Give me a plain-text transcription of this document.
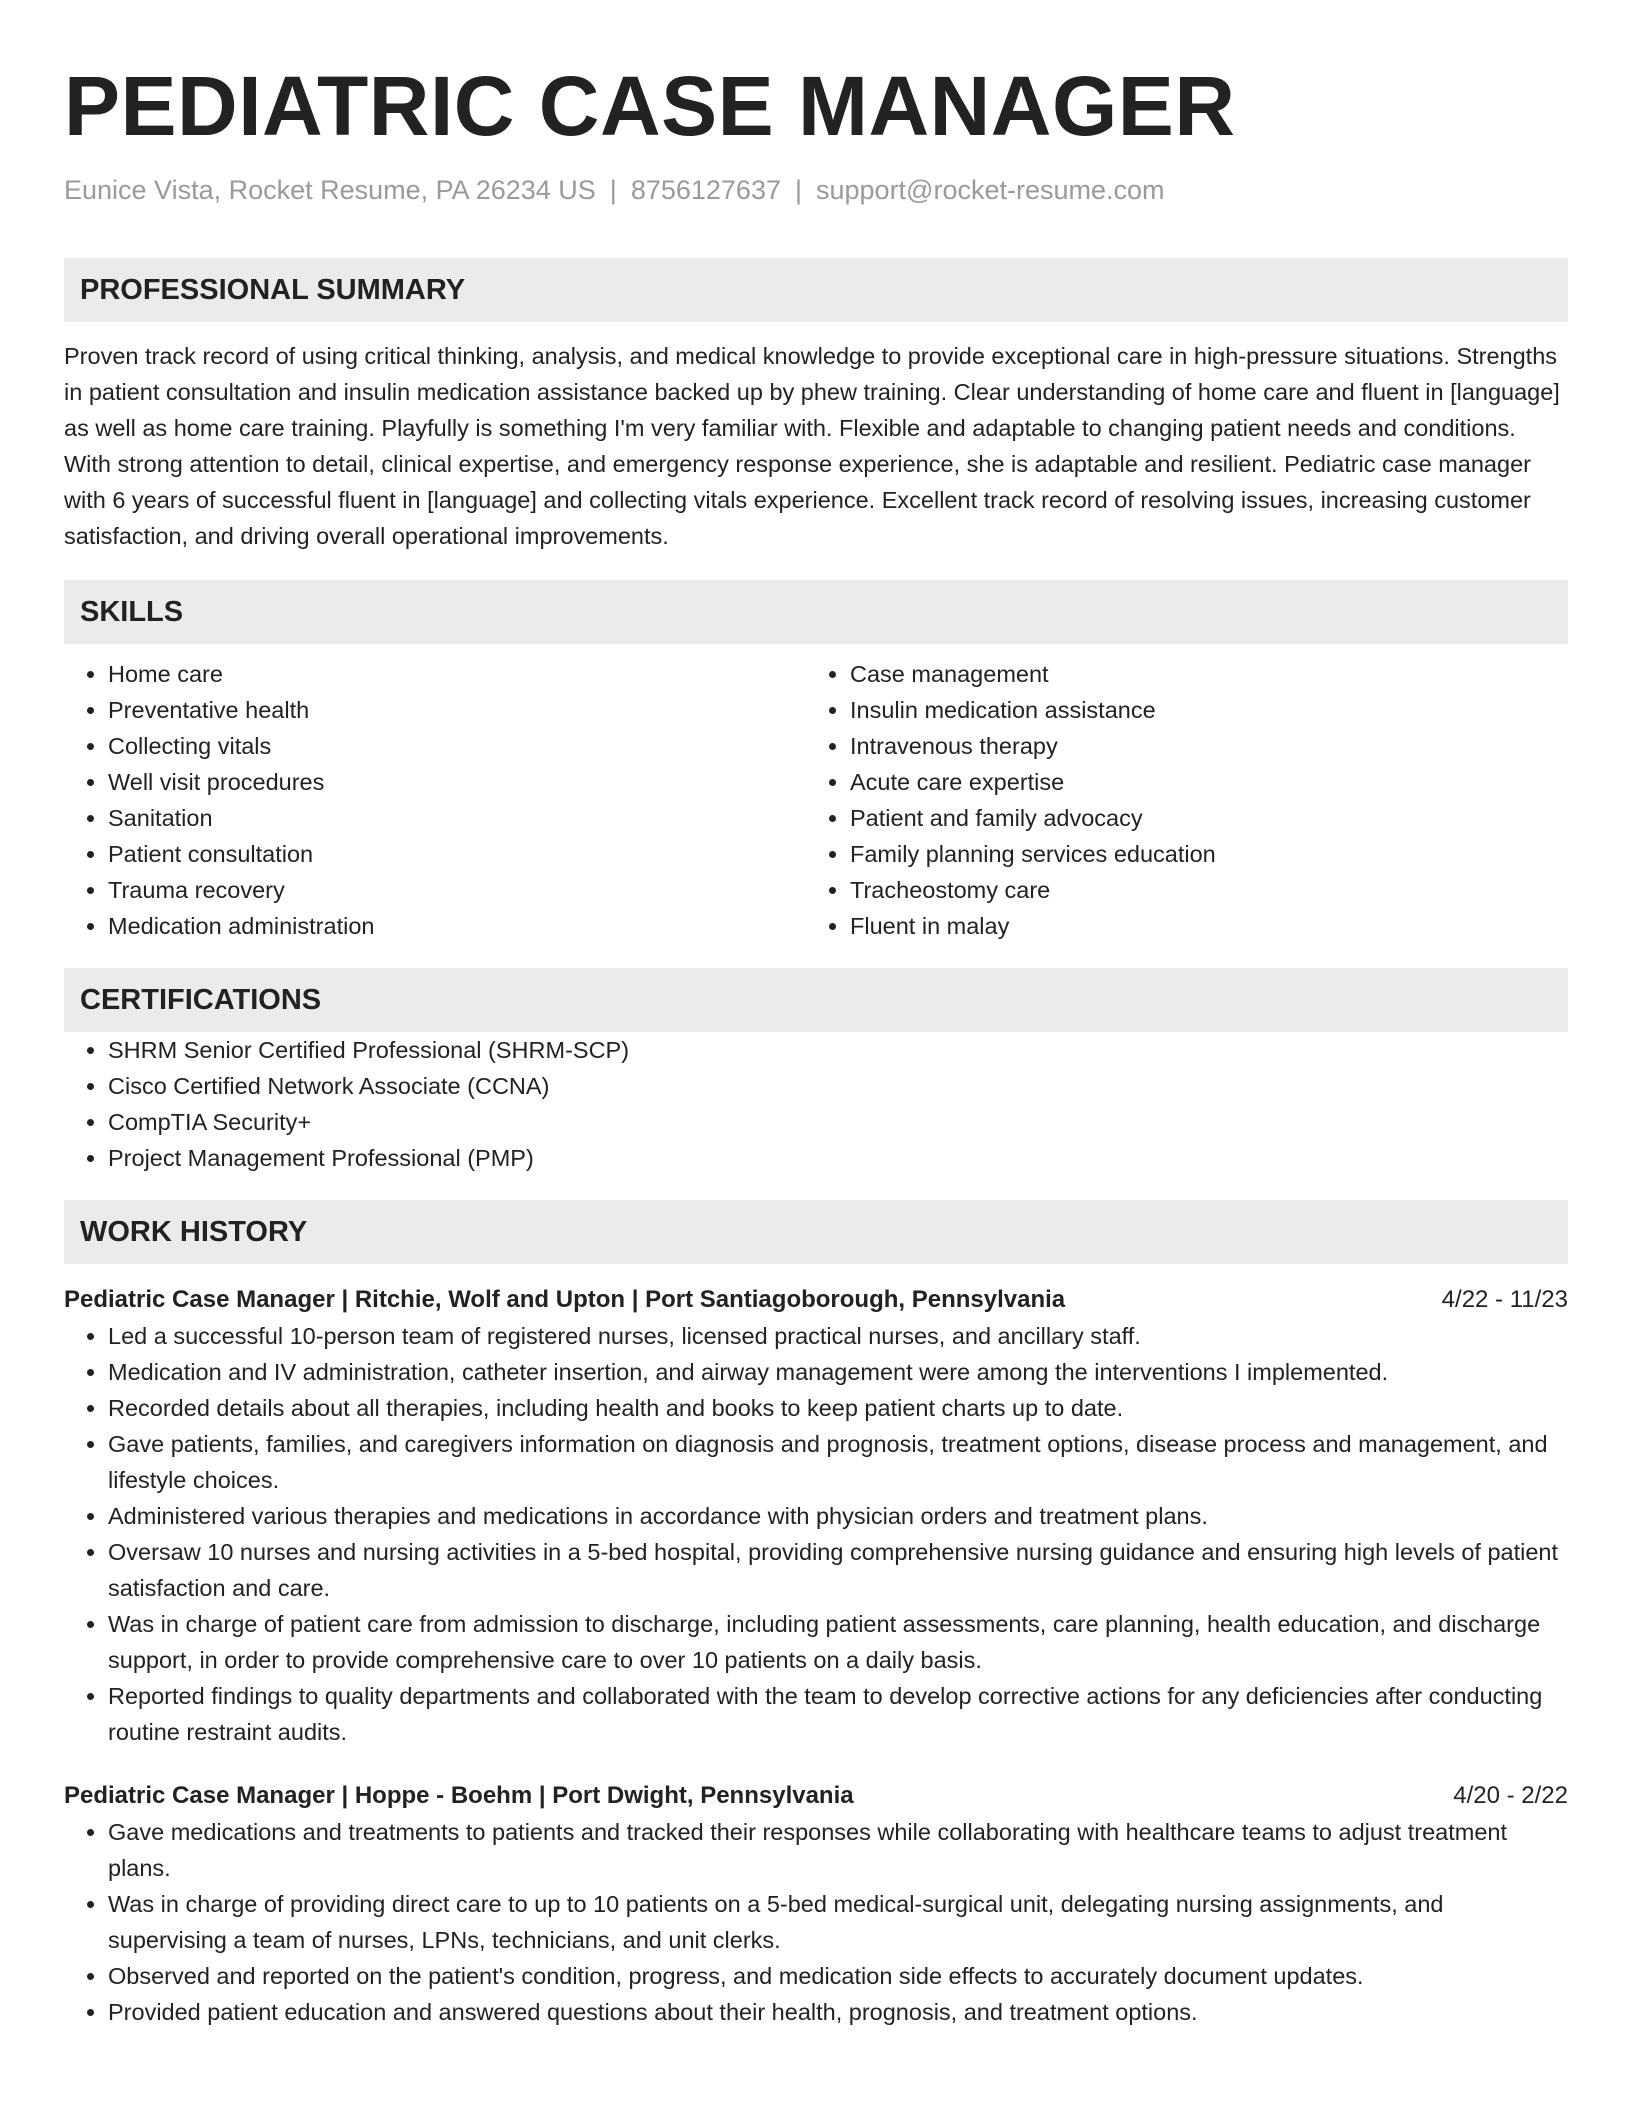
PEDIATRIC CASE MANAGER
Eunice Vista, Rocket Resume, PA 26234 US | 8756127637 | support@rocket-resume.com
PROFESSIONAL SUMMARY
Proven track record of using critical thinking, analysis, and medical knowledge to provide exceptional care in high-pressure situations. Strengths in patient consultation and insulin medication assistance backed up by phew training. Clear understanding of home care and fluent in [language] as well as home care training. Playfully is something I'm very familiar with. Flexible and adaptable to changing patient needs and conditions. With strong attention to detail, clinical expertise, and emergency response experience, she is adaptable and resilient. Pediatric case manager with 6 years of successful fluent in [language] and collecting vitals experience. Excellent track record of resolving issues, increasing customer satisfaction, and driving overall operational improvements.
SKILLS
• Home care
• Preventative health
• Collecting vitals
• Well visit procedures
• Sanitation
• Patient consultation
• Trauma recovery
• Medication administration
• Case management
• Insulin medication assistance
• Intravenous therapy
• Acute care expertise
• Patient and family advocacy
• Family planning services education
• Tracheostomy care
• Fluent in malay
CERTIFICATIONS
• SHRM Senior Certified Professional (SHRM-SCP)
• Cisco Certified Network Associate (CCNA)
• CompTIA Security+
• Project Management Professional (PMP)
WORK HISTORY
Pediatric Case Manager | Ritchie, Wolf and Upton | Port Santiagoborough, Pennsylvania	4/22 - 11/23
• Led a successful 10-person team of registered nurses, licensed practical nurses, and ancillary staff.
• Medication and IV administration, catheter insertion, and airway management were among the interventions I implemented.
• Recorded details about all therapies, including health and books to keep patient charts up to date.
• Gave patients, families, and caregivers information on diagnosis and prognosis, treatment options, disease process and management, and lifestyle choices.
• Administered various therapies and medications in accordance with physician orders and treatment plans.
• Oversaw 10 nurses and nursing activities in a 5-bed hospital, providing comprehensive nursing guidance and ensuring high levels of patient satisfaction and care.
• Was in charge of patient care from admission to discharge, including patient assessments, care planning, health education, and discharge support, in order to provide comprehensive care to over 10 patients on a daily basis.
• Reported findings to quality departments and collaborated with the team to develop corrective actions for any deficiencies after conducting routine restraint audits.
Pediatric Case Manager | Hoppe - Boehm | Port Dwight, Pennsylvania	4/20 - 2/22
• Gave medications and treatments to patients and tracked their responses while collaborating with healthcare teams to adjust treatment plans.
• Was in charge of providing direct care to up to 10 patients on a 5-bed medical-surgical unit, delegating nursing assignments, and supervising a team of nurses, LPNs, technicians, and unit clerks.
• Observed and reported on the patient's condition, progress, and medication side effects to accurately document updates.
• Provided patient education and answered questions about their health, prognosis, and treatment options.
